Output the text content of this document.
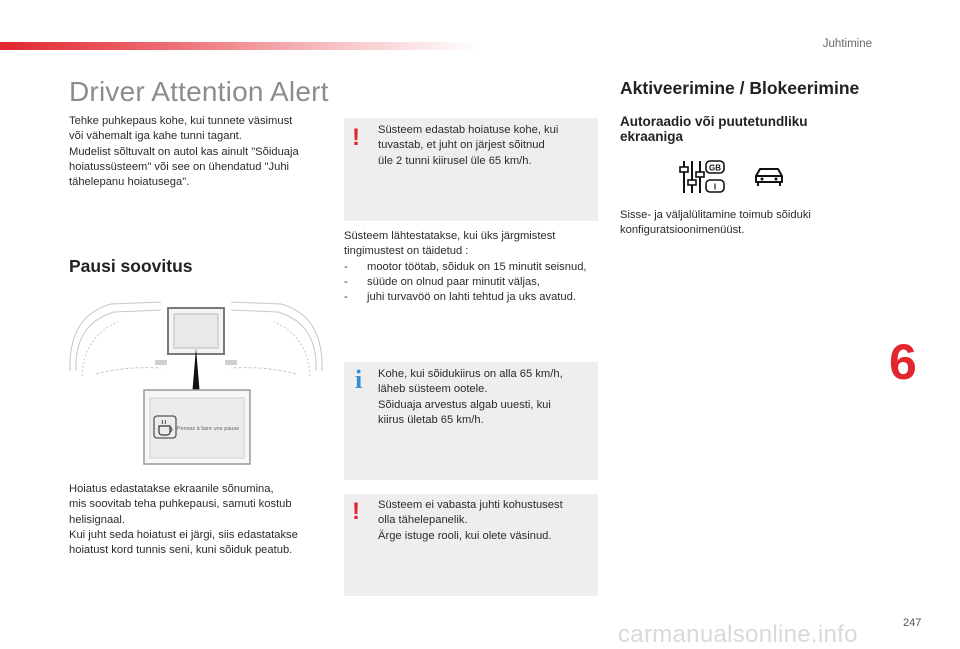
Juhtimine
Driver Attention Alert
Tehke puhkepaus kohe, kui tunnete väsimust
või vähemalt iga kahe tunni tagant.
Mudelist sõltuvalt on autol kas ainult "Sõiduaja
hoiatussüsteem" või see on ühendatud "Juhi
tähelepanu hoiatusega".
Pausi soovitus
Pensez à faire une pause
Hoiatus edastatakse ekraanile sõnumina,
mis soovitab teha puhkepausi, samuti kostub
helisignaal.
Kui juht seda hoiatust ei järgi, siis edastatakse
hoiatust kord tunnis seni, kuni sõiduk peatub.
! Süsteem edastab hoiatuse kohe, kui
tuvastab, et juht on järjest sõitnud
üle 2 tunni kiirusel üle 65 km/h.
Süsteem lähtestatakse, kui üks järgmistest
tingimustest on täidetud :
- mootor töötab, sõiduk on 15 minutit seisnud,
- süüde on olnud paar minutit väljas,
- juhi turvavöö on lahti tehtud ja uks avatud.
i Kohe, kui sõidukiirus on alla 65 km/h,
läheb süsteem ootele.
Sõiduaja arvestus algab uuesti, kui
kiirus ületab 65 km/h.
! Süsteem ei vabasta juhti kohustusest
olla tähelepanelik.
Ärge istuge rooli, kui olete väsinud.
Aktiveerimine / Blokeerimine
Autoraadio või puutetundliku
ekraaniga
GB
I
Sisse- ja väljalülitamine toimub sõiduki
konfiguratsioonimenüüst.
6
247
carmanualsonline.info
